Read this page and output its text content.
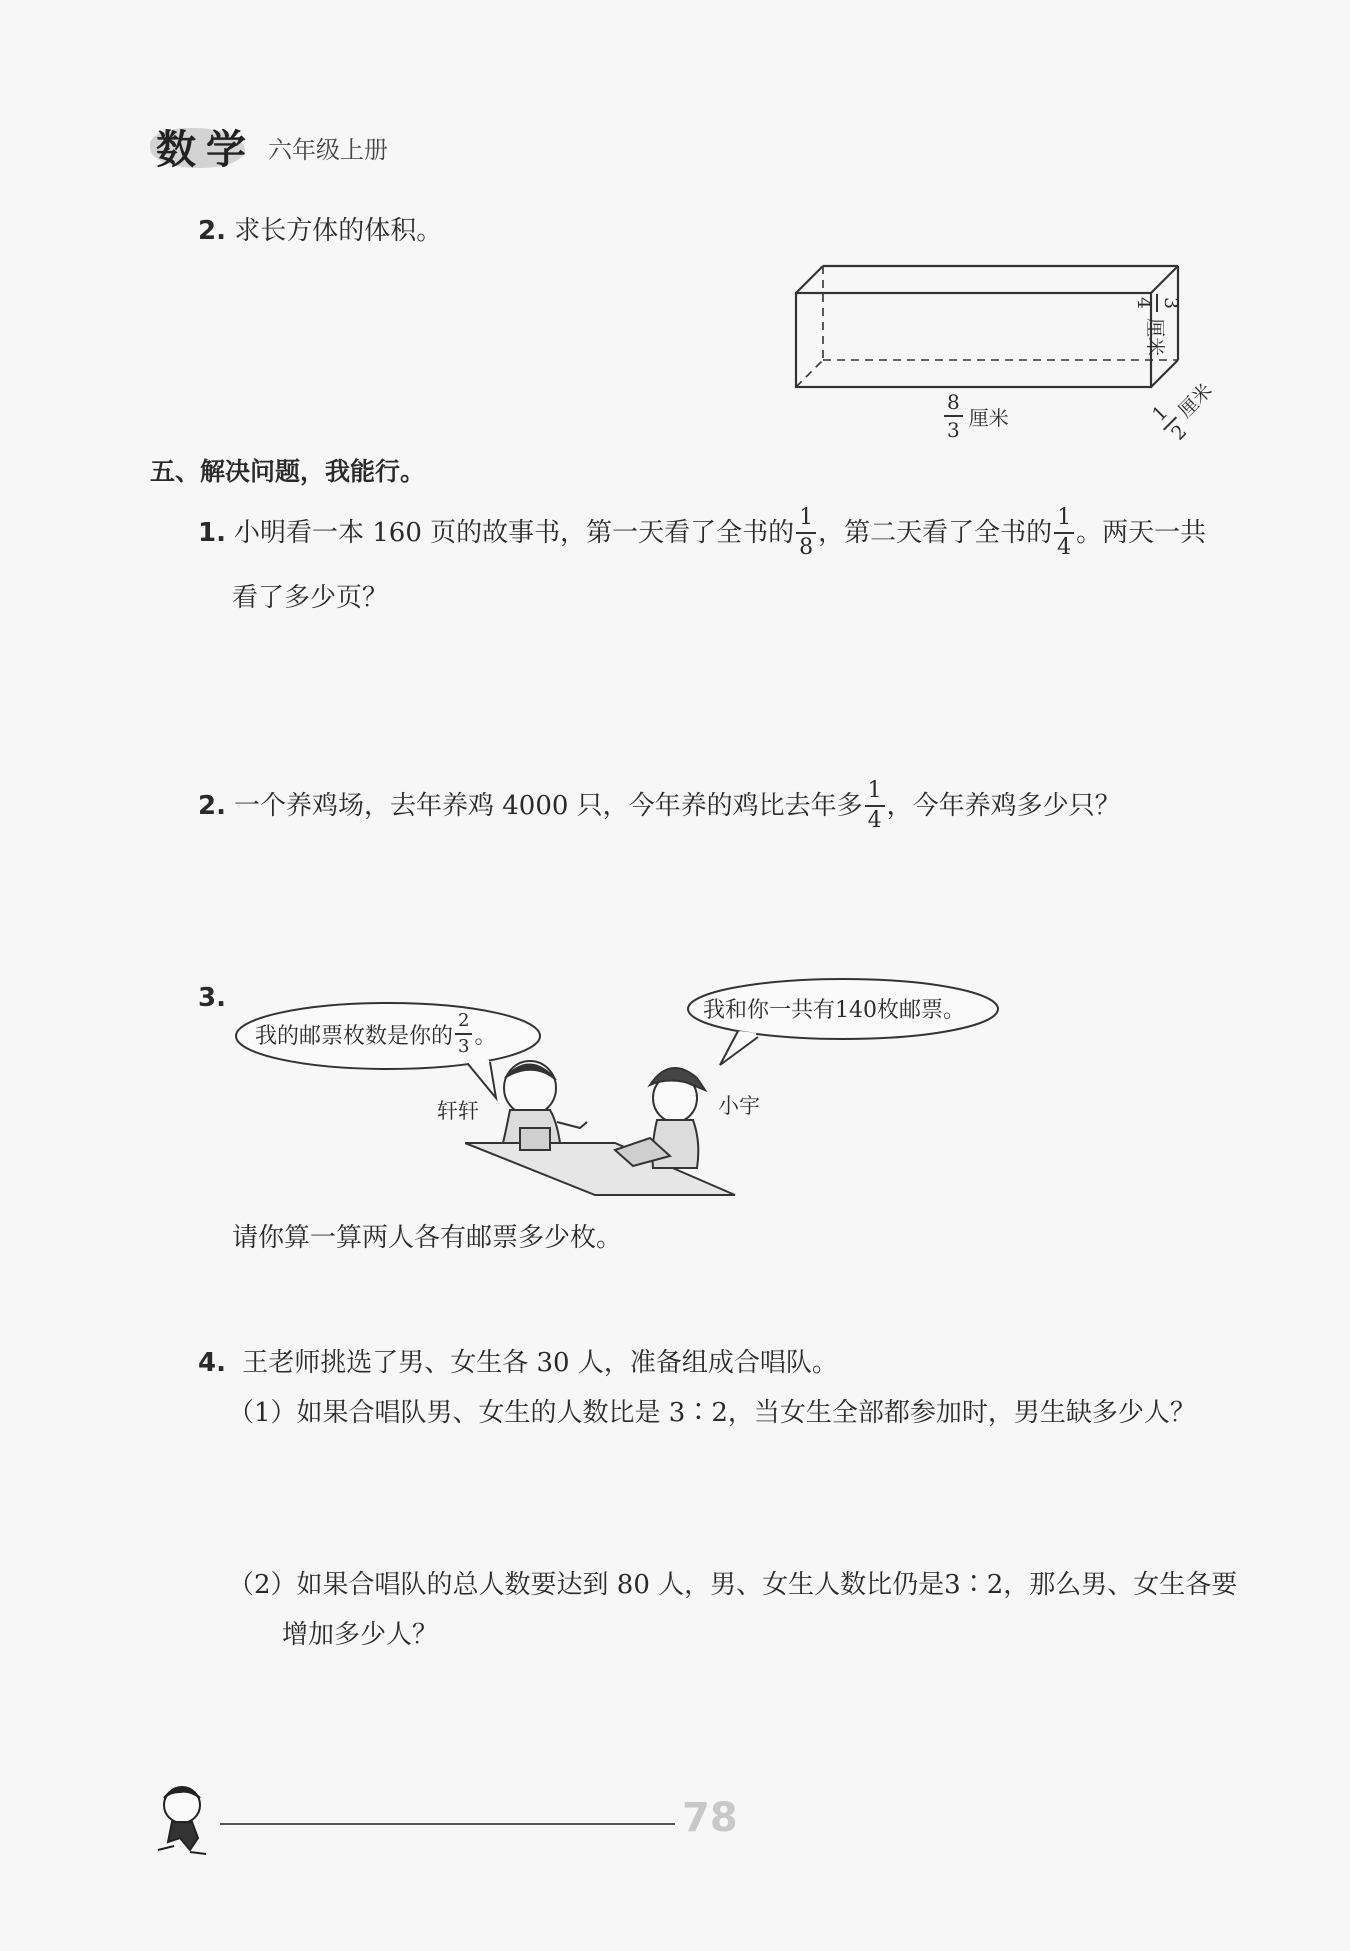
数学 六年级上册
2. 求长方体的体积。
$\frac{8}{3}$ 厘米
3
4
厘米
1
2
厘米
五、解决问题，我能行。
1. 小明看一本 160 页的故事书，第一天看了全书的 $\frac{1}{8}$ ，第二天看了全书的 $\frac{1}{4}$ 。两天一共
看了多少页？
2. 一个养鸡场，去年养鸡 4000 只，今年养的鸡比去年多 $\frac{1}{4}$ ，今年养鸡多少只？
3.
我的邮票枚数是你的 $\frac{2}{3}$ 。
我和你一共有140枚邮票。
轩轩	小宇
请你算一算两人各有邮票多少枚。
4. 王老师挑选了男、女生各 30 人，准备组成合唱队。
（1）如果合唱队男、女生的人数比是 3∶2，当女生全部都参加时，男生缺多少人？
（2）如果合唱队的总人数要达到 80 人，男、女生人数比仍是3∶2，那么男、女生各要
增加多少人？
78
